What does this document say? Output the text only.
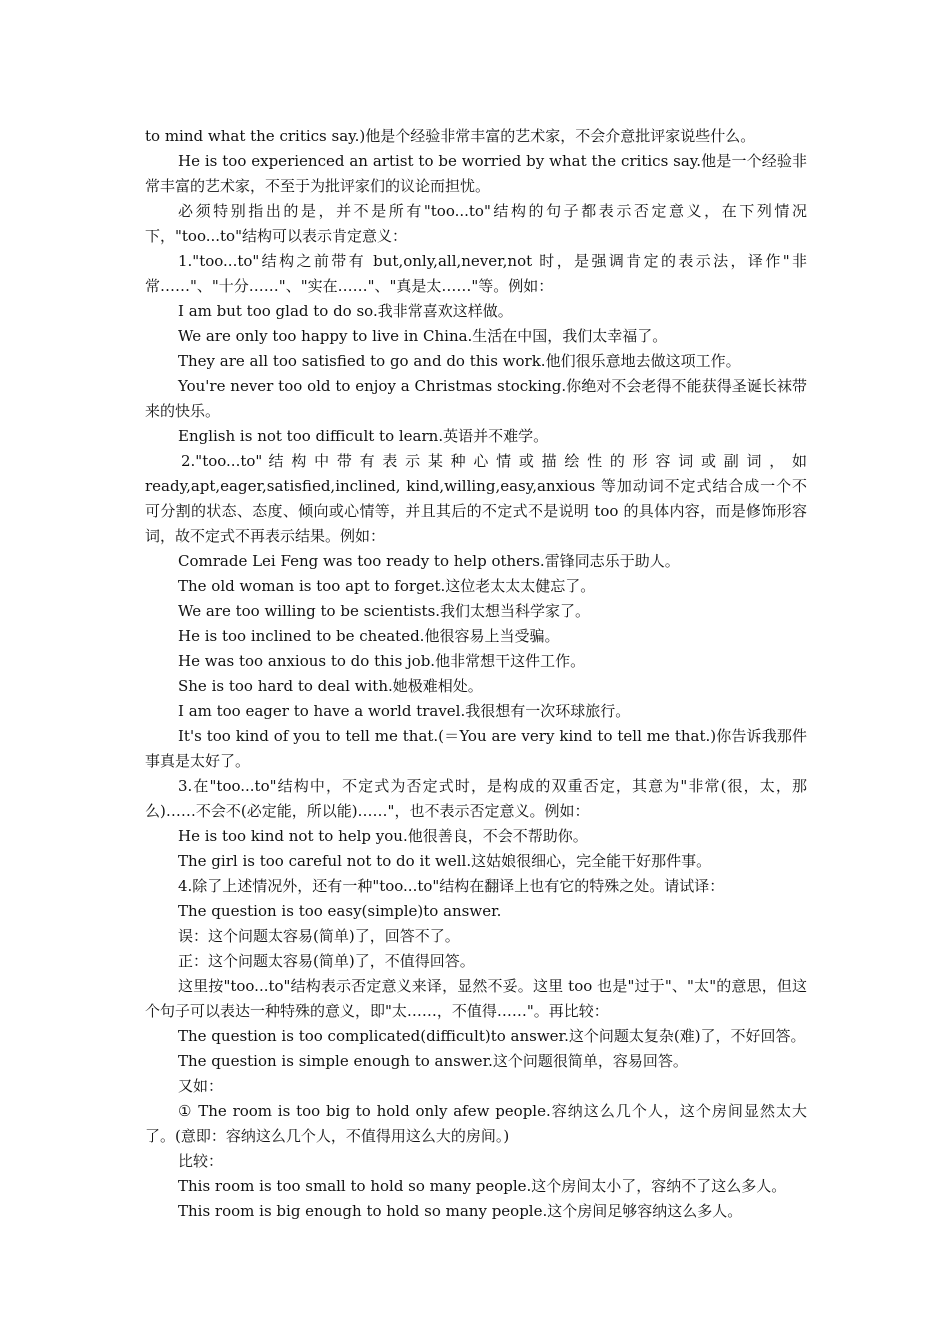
to mind what the critics say.)他是个经验非常丰富的艺术家，不会介意批评家说些什么。

He is too experienced an artist to be worried by what the critics say.他是一个经验非常丰富的艺术家，不至于为批评家们的议论而担忧。

必须特别指出的是，并不是所有"too...to"结构的句子都表示否定意义，在下列情况下，"too...to"结构可以表示肯定意义：

1."too...to"结构之前带有 but,only,all,never,not 时，是强调肯定的表示法，译作"非常……"、"十分……"、"实在……"、"真是太……"等。例如：

I am but too glad to do so.我非常喜欢这样做。

We are only too happy to live in China.生活在中国，我们太幸福了。

They are all too satisfied to go and do this work.他们很乐意地去做这项工作。

You're never too old to enjoy a Christmas stocking.你绝对不会老得不能获得圣诞长袜带来的快乐。

English is not too difficult to learn.英语并不难学。

2."too...to" 结 构 中 带 有 表 示 某 种 心 情 或 描 绘 性 的 形 容 词 或 副 词 ， 如 ready,apt,eager,satisfied,inclined, kind,willing,easy,anxious 等加动词不定式结合成一个不可分割的状态、态度、倾向或心情等，并且其后的不定式不是说明 too 的具体内容，而是修饰形容词，故不定式不再表示结果。例如：

Comrade Lei Feng was too ready to help others.雷锋同志乐于助人。

The old woman is too apt to forget.这位老太太太健忘了。

We are too willing to be scientists.我们太想当科学家了。

He is too inclined to be cheated.他很容易上当受骗。

He was too anxious to do this job.他非常想干这件工作。

She is too hard to deal with.她极难相处。

I am too eager to have a world travel.我很想有一次环球旅行。

It's too kind of you to tell me that.(＝You are very kind to tell me that.)你告诉我那件事真是太好了。

3.在"too...to"结构中，不定式为否定式时，是构成的双重否定，其意为"非常(很，太，那么)……不会不(必定能，所以能)……"，也不表示否定意义。例如：

He is too kind not to help you.他很善良，不会不帮助你。

The girl is too careful not to do it well.这姑娘很细心，完全能干好那件事。

4.除了上述情况外，还有一种"too...to"结构在翻译上也有它的特殊之处。请试译：

The question is too easy(simple)to answer.

误：这个问题太容易(简单)了，回答不了。

正：这个问题太容易(简单)了，不值得回答。

这里按"too...to"结构表示否定意义来译，显然不妥。这里 too 也是"过于"、"太"的意思，但这个句子可以表达一种特殊的意义，即"太……，不值得……"。再比较：

The question is too complicated(difficult)to answer.这个问题太复杂(难)了，不好回答。

The question is simple enough to answer.这个问题很简单，容易回答。

又如：

① The room is too big to hold only afew people.容纳这么几个人，这个房间显然太大了。(意即：容纳这么几个人，不值得用这么大的房间。)

比较：

This room is too small to hold so many people.这个房间太小了，容纳不了这么多人。

This room is big enough to hold so many people.这个房间足够容纳这么多人。
